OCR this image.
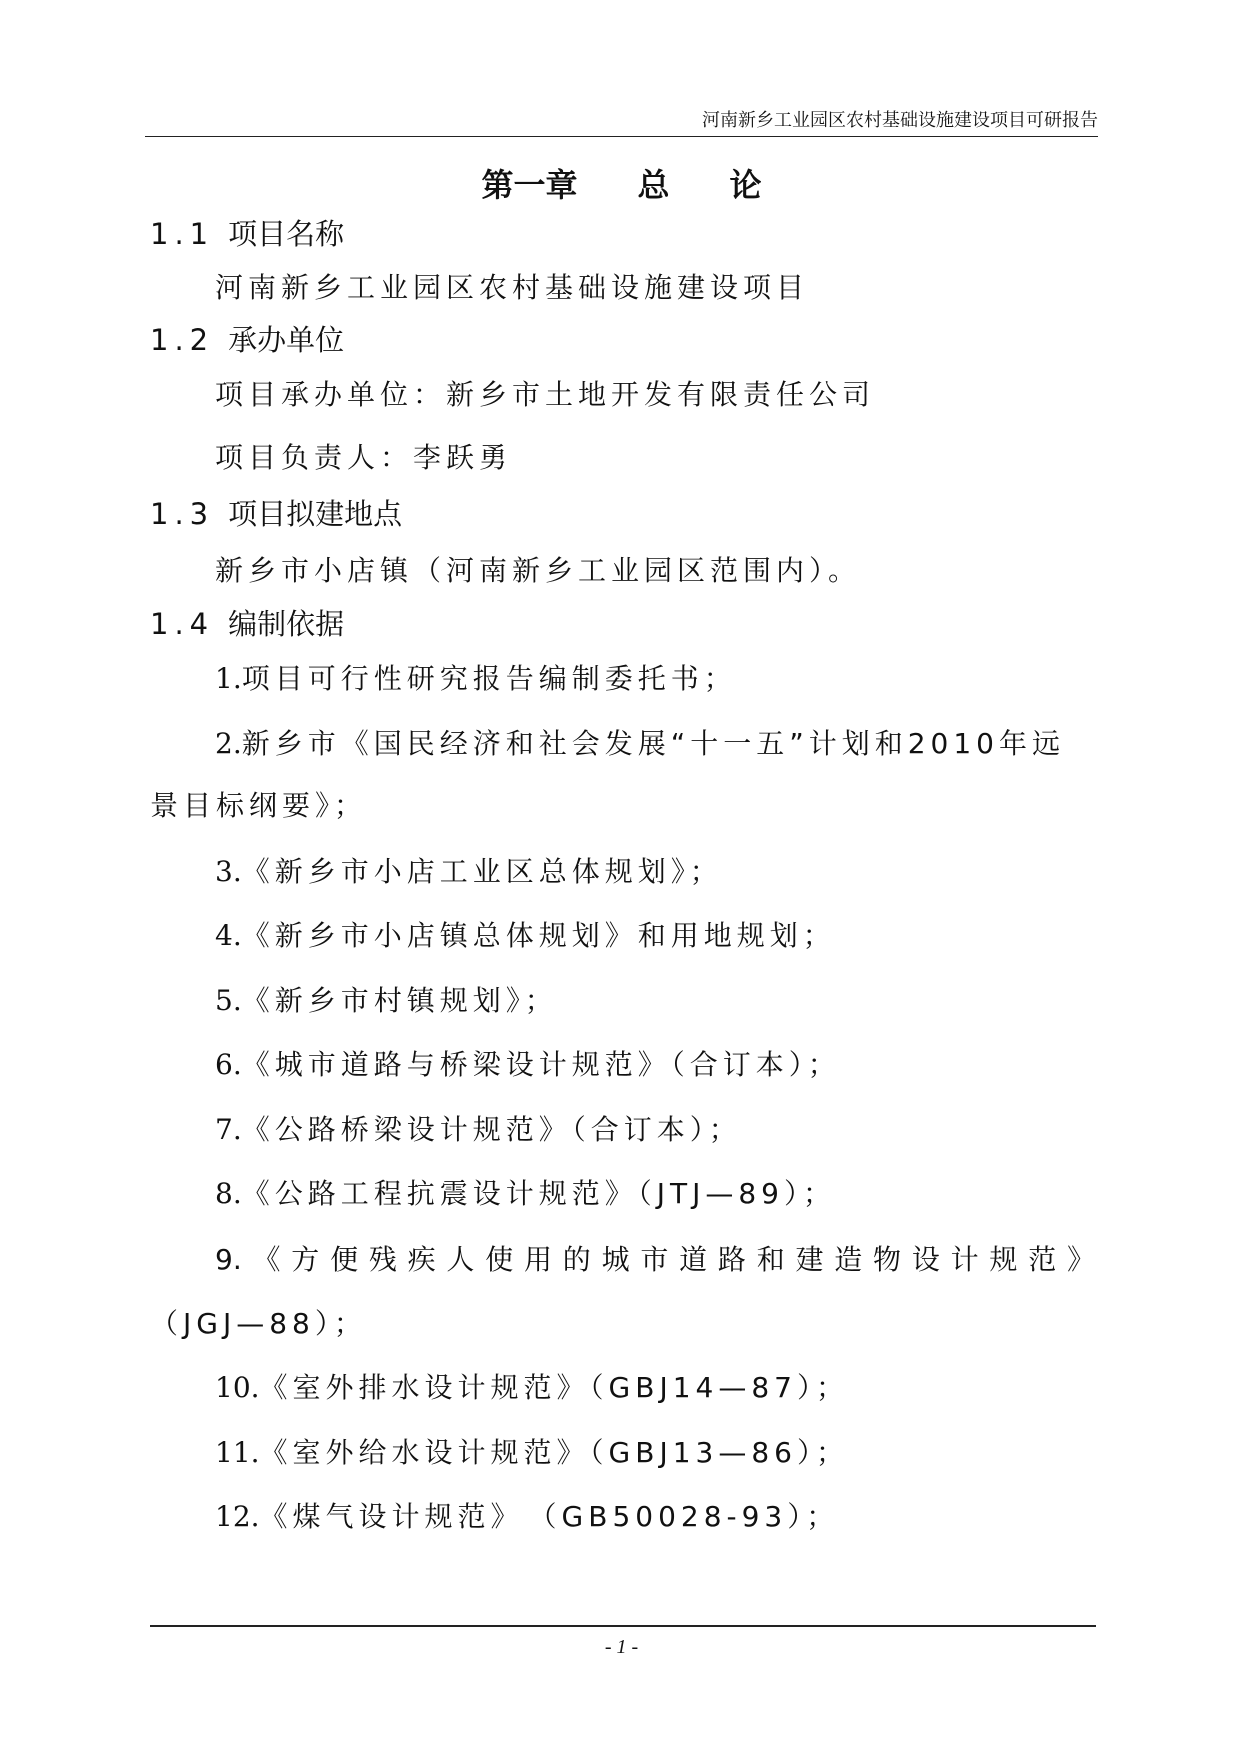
河南新乡工业园区农村基础设施建设项目可研报告
第一章 总 论
1.1 项目名称
河南新乡工业园区农村基础设施建设项目
1.2 承办单位
项目承办单位：新乡市土地开发有限责任公司
项目负责人：李跃勇
1.3 项目拟建地点
新乡市小店镇（河南新乡工业园区范围内）。
1.4 编制依据
1.项目可行性研究报告编制委托书；
2.新乡市《国民经济和社会发展“十一五”计划和2010年远
景目标纲要》；
3.《新乡市小店工业区总体规划》；
4.《新乡市小店镇总体规划》和用地规划；
5.《新乡市村镇规划》；
6.《城市道路与桥梁设计规范》（合订本）；
7.《公路桥梁设计规范》（合订本）；
8.《公路工程抗震设计规范》（JTJ—89）；
9.《方便残疾人使用的城市道路和建造物设计规范》
（JGJ—88）；
10.《室外排水设计规范》（GBJ14—87）；
11.《室外给水设计规范》（GBJ13—86）；
12.《煤气设计规范》　（GB50028-93）；
- 1 -
